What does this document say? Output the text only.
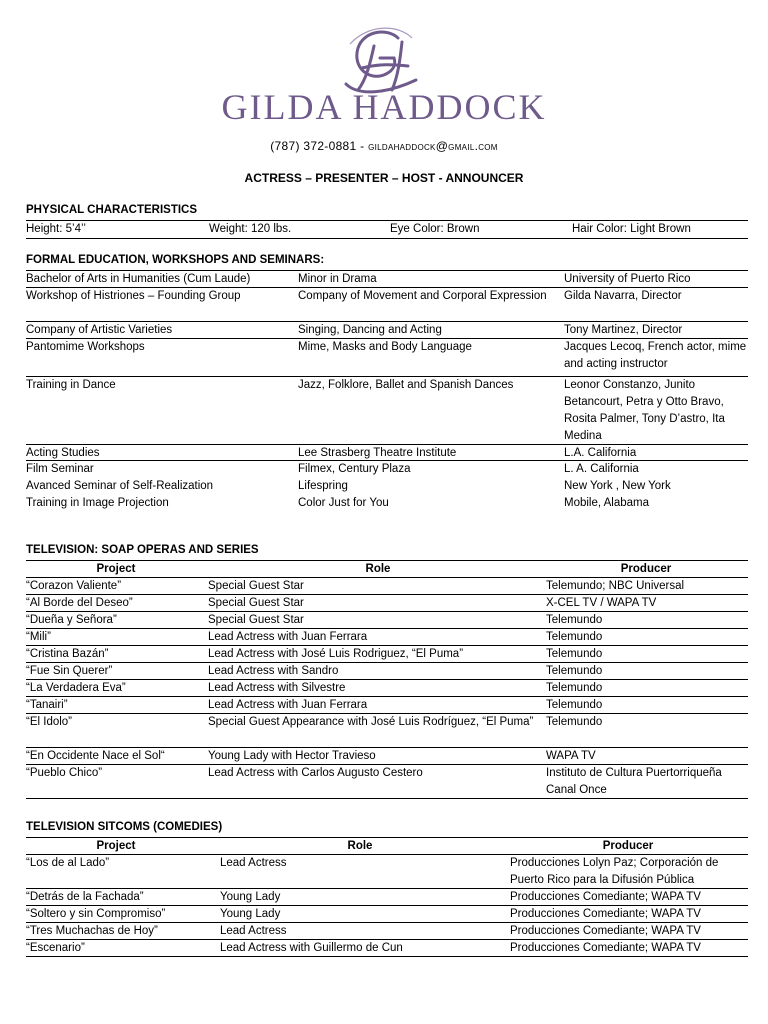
GILDA HADDOCK
(787) 372-0881 - gildahaddock@gmail.com
ACTRESS – PRESENTER – HOST - ANNOUNCER
PHYSICAL CHARACTERISTICS
Height: 5’4’’	Weight: 120 lbs.	Eye Color: Brown	Hair Color: Light Brown
FORMAL EDUCATION, WORKSHOPS AND SEMINARS:
Bachelor of Arts in Humanities (Cum Laude)	Minor in Drama	University of Puerto Rico
Workshop of Histriones – Founding Group	Company of Movement and Corporal Expression	Gilda Navarra, Director
Company of Artistic Varieties	Singing, Dancing and Acting	Tony Martinez, Director
Pantomime Workshops	Mime, Masks and Body Language	Jacques Lecoq, French actor, mime and acting instructor
Training in Dance	Jazz, Folklore, Ballet and Spanish Dances	Leonor Constanzo, Junito Betancourt, Petra y Otto Bravo, Rosita Palmer, Tony D’astro, Ita Medina
Acting Studies	Lee Strasberg Theatre Institute	L.A. California
Film Seminar	Filmex, Century Plaza	L. A. California
Avanced Seminar of Self-Realization	Lifespring	New York , New York
Training in Image Projection	Color Just for You	Mobile, Alabama
TELEVISION: SOAP OPERAS AND SERIES
Project	Role	Producer
“Corazon Valiente”	Special Guest Star	Telemundo; NBC Universal
“Al Borde del Deseo”	Special Guest Star	X-CEL TV / WAPA TV
“Dueña y Señora”	Special Guest Star	Telemundo
“Mili”	Lead Actress with Juan Ferrara	Telemundo
“Cristina Bazán”	Lead Actress with José Luis Rodriguez, “El Puma”	Telemundo
“Fue Sin Querer”	Lead Actress with Sandro	Telemundo
“La Verdadera Eva”	Lead Actress with Silvestre	Telemundo
“Tanairi”	Lead Actress with Juan Ferrara	Telemundo
“El Idolo”	Special Guest Appearance with José Luis Rodríguez, “El Puma”	Telemundo
“En Occidente Nace el Sol“	Young Lady with Hector Travieso	WAPA TV
“Pueblo Chico”	Lead Actress with Carlos Augusto Cestero	Instituto de Cultura Puertorriqueña Canal Once
TELEVISION SITCOMS (COMEDIES)
Project	Role	Producer
“Los de al Lado”	Lead Actress	Producciones Lolyn Paz; Corporación de Puerto Rico para la Difusión Pública
“Detrás de la Fachada”	Young Lady	Producciones Comediante; WAPA TV
“Soltero y sin Compromiso”	Young Lady	Producciones Comediante; WAPA TV
“Tres Muchachas de Hoy”	Lead Actress	Producciones Comediante; WAPA TV
“Escenario”	Lead Actress with Guillermo de Cun	Producciones Comediante; WAPA TV
